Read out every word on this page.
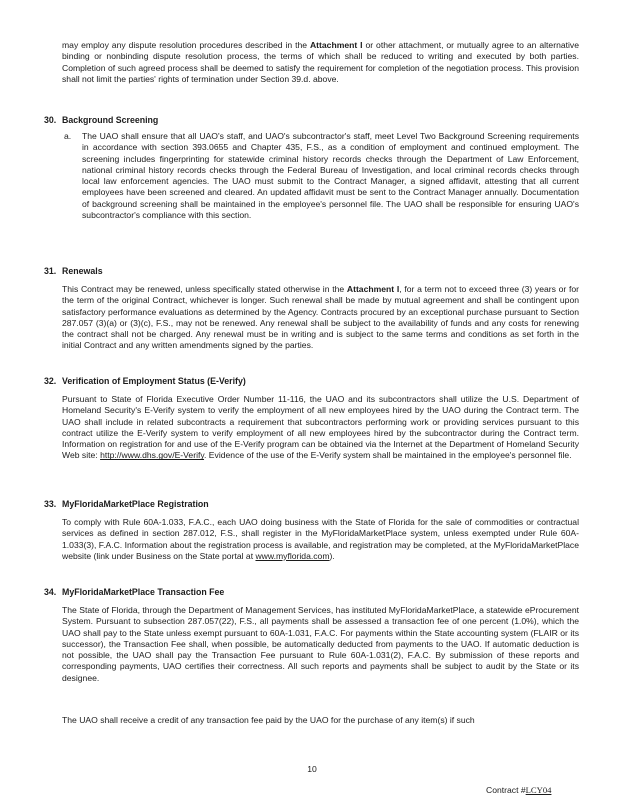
may employ any dispute resolution procedures described in the Attachment I or other attachment, or mutually agree to an alternative binding or nonbinding dispute resolution process, the terms of which shall be reduced to writing and executed by both parties. Completion of such agreed process shall be deemed to satisfy the requirement for completion of the negotiation process. This provision shall not limit the parties' rights of termination under Section 39.d. above.

30. Background Screening
a. The UAO shall ensure that all UAO's staff, and UAO's subcontractor's staff, meet Level Two Background Screening requirements in accordance with section 393.0655 and Chapter 435, F.S., as a condition of employment and continued employment. The screening includes fingerprinting for statewide criminal history records checks through the Department of Law Enforcement, national criminal history records checks through the Federal Bureau of Investigation, and local criminal records checks through local law enforcement agencies. The UAO must submit to the Contract Manager, a signed affidavit, attesting that all current employees have been screened and cleared. An updated affidavit must be sent to the Contract Manager annually. Documentation of background screening shall be maintained in the employee's personnel file. The UAO shall be responsible for ensuring UAO's subcontractor's compliance with this section.

31. Renewals

This Contract may be renewed, unless specifically stated otherwise in the Attachment I, for a term not to exceed three (3) years or for the term of the original Contract, whichever is longer. Such renewal shall be made by mutual agreement and shall be contingent upon satisfactory performance evaluations as determined by the Agency. Contracts procured by an exceptional purchase pursuant to Section 287.057 (3)(a) or (3)(c), F.S., may not be renewed. Any renewal shall be subject to the availability of funds and any costs for renewing the contract shall not be charged. Any renewal must be in writing and is subject to the same terms and conditions as set forth in the initial Contract and any written amendments signed by the parties.

32. Verification of Employment Status (E-Verify)

Pursuant to State of Florida Executive Order Number 11-116, the UAO and its subcontractors shall utilize the U.S. Department of Homeland Security's E-Verify system to verify the employment of all new employees hired by the UAO during the Contract term. The UAO shall include in related subcontracts a requirement that subcontractors performing work or providing services pursuant to this contract utilize the E-Verify system to verify employment of all new employees hired by the subcontractor during the Contract term. Information on registration for and use of the E-Verify program can be obtained via the Internet at the Department of Homeland Security Web site: http://www.dhs.gov/E-Verify. Evidence of the use of the E-Verify system shall be maintained in the employee's personnel file.

33. MyFloridaMarketPlace Registration

To comply with Rule 60A-1.033, F.A.C., each UAO doing business with the State of Florida for the sale of commodities or contractual services as defined in section 287.012, F.S., shall register in the MyFloridaMarketPlace system, unless exempted under Rule 60A-1.033(3), F.A.C. Information about the registration process is available, and registration may be completed, at the MyFloridaMarketPlace website (link under Business on the State portal at www.myflorida.com).

34. MyFloridaMarketPlace Transaction Fee

The State of Florida, through the Department of Management Services, has instituted MyFloridaMarketPlace, a statewide eProcurement System. Pursuant to subsection 287.057(22), F.S., all payments shall be assessed a transaction fee of one percent (1.0%), which the UAO shall pay to the State unless exempt pursuant to 60A-1.031, F.A.C. For payments within the State accounting system (FLAIR or its successor), the Transaction Fee shall, when possible, be automatically deducted from payments to the UAO. If automatic deduction is not possible, the UAO shall pay the Transaction Fee pursuant to Rule 60A-1.031(2), F.A.C. By submission of these reports and corresponding payments, UAO certifies their correctness. All such reports and payments shall be subject to audit by the State or its designee.

The UAO shall receive a credit of any transaction fee paid by the UAO for the purchase of any item(s) if such

10
Contract #LCY04
